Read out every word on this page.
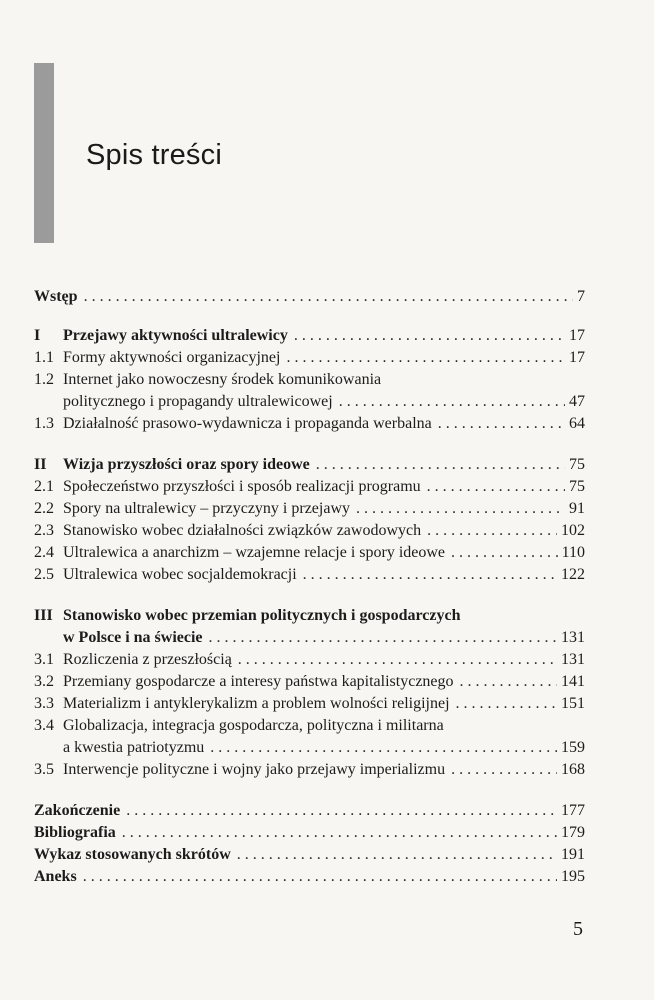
Spis treści
Wstęp . . .	7
I	Przejawy aktywności ultralewicy . . .	17
1.1 Formy aktywności organizacyjnej . . .	17
1.2 Internet jako nowoczesny środek komunikowania
politycznego i propagandy ultralewicowej . . .	47
1.3 Działalność prasowo-wydawnicza i propaganda werbalna . . .	64
II	Wizja przyszłości oraz spory ideowe . . .	75
2.1 Społeczeństwo przyszłości i sposób realizacji programu . . .	75
2.2 Spory na ultralewicy – przyczyny i przejawy . . .	91
2.3 Stanowisko wobec działalności związków zawodowych . . .	102
2.4 Ultralewica a anarchizm – wzajemne relacje i spory ideowe . . .	110
2.5 Ultralewica wobec socjaldemokracji . . .	122
III Stanowisko wobec przemian politycznych i gospodarczych
w Polsce i na świecie . . .	131
3.1 Rozliczenia z przeszłością . . .	131
3.2 Przemiany gospodarcze a interesy państwa kapitalistycznego . . .	141
3.3 Materializm i antyklerykalizm a problem wolności religijnej . . .	151
3.4 Globalizacja, integracja gospodarcza, polityczna i militarna
a kwestia patriotyzmu . . .	159
3.5 Interwencje polityczne i wojny jako przejawy imperializmu . . .	168
Zakończenie . . .	177
Bibliografia . . .	179
Wykaz stosowanych skrótów . . .	191
Aneks . . .	195
5
